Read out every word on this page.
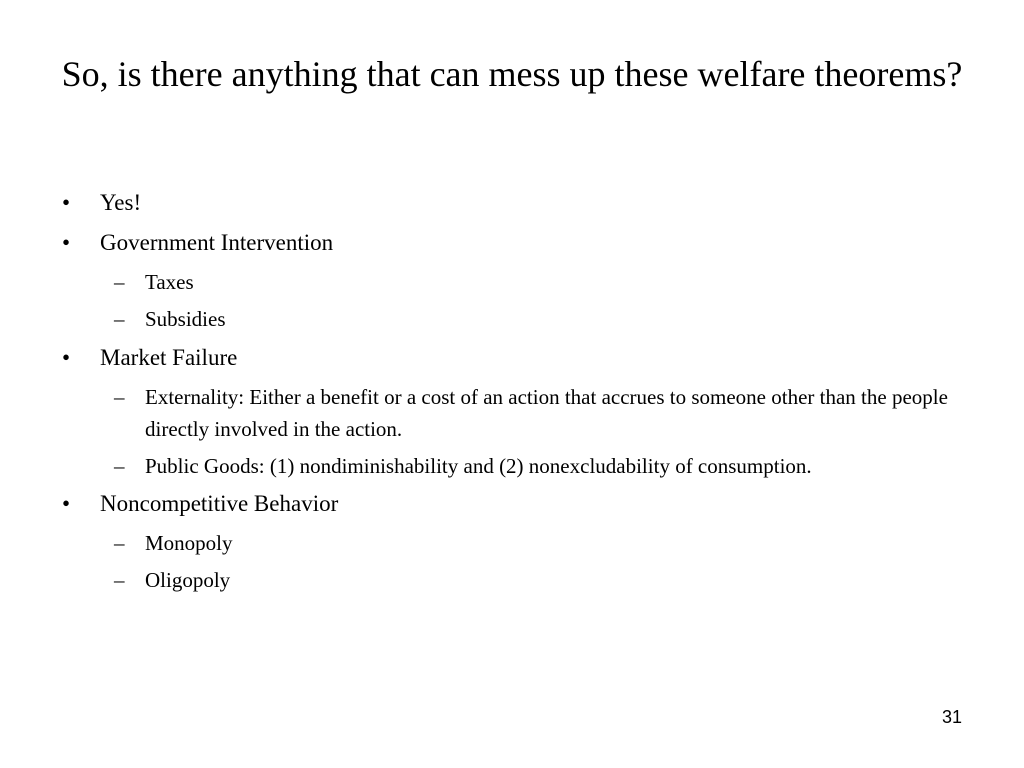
So, is there anything that can mess up these welfare theorems?
•	Yes!
•	Government Intervention
– Taxes
– Subsidies
•	Market Failure
– Externality: Either a benefit or a cost of an action that accrues to someone other than the people directly involved in the action.
– Public Goods: (1) nondiminishability and (2) nonexcludability of consumption.
•	Noncompetitive Behavior
– Monopoly
– Oligopoly
31
